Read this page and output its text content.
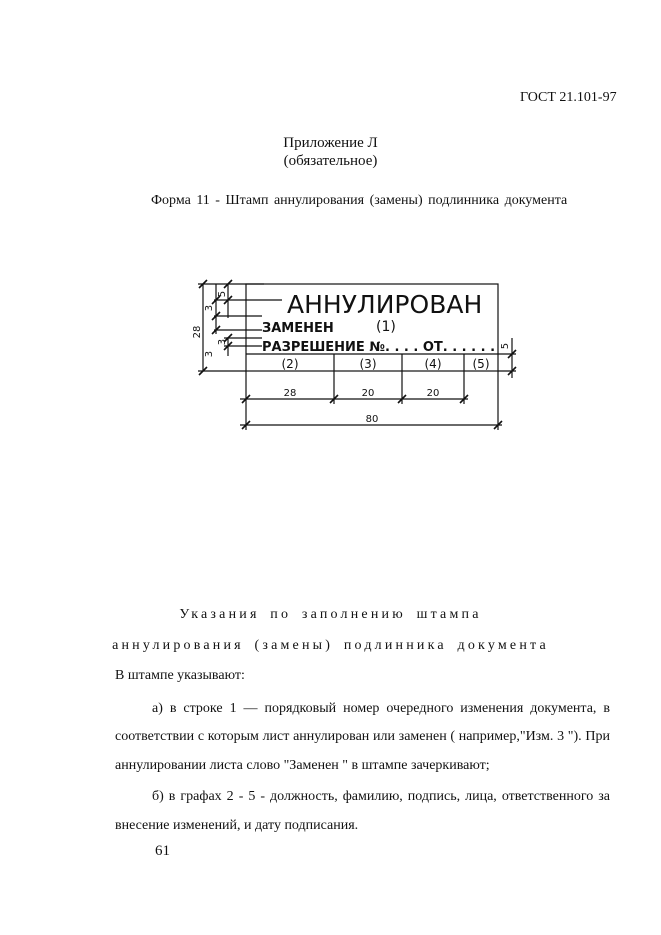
ГОСТ 21.101-97
Приложение Л
(обязательное)
Форма 11 - Штамп аннулирования (замены) подлинника документа
АННУЛИРОВАН
ЗАМЕНЕН	(1)
РАЗРЕШЕНИЕ №. . . . ОТ. . . . . .
(2)	(3)	(4)	(5)
28
3
5
3
3
5
28	20	20
80
Указания по заполнению штампа
аннулирования (замены) подлинника документа
В штампе указывают:
а) в строке 1 — порядковый номер очередного изменения документа, в
соответствии с которым лист аннулирован или заменен ( например,"Изм. 3 "). При
аннулировании листа слово "Заменен " в штампе зачеркивают;
б) в графах 2 - 5 - должность, фамилию, подпись, лица, ответственного за
внесение изменений, и дату подписания.
61
